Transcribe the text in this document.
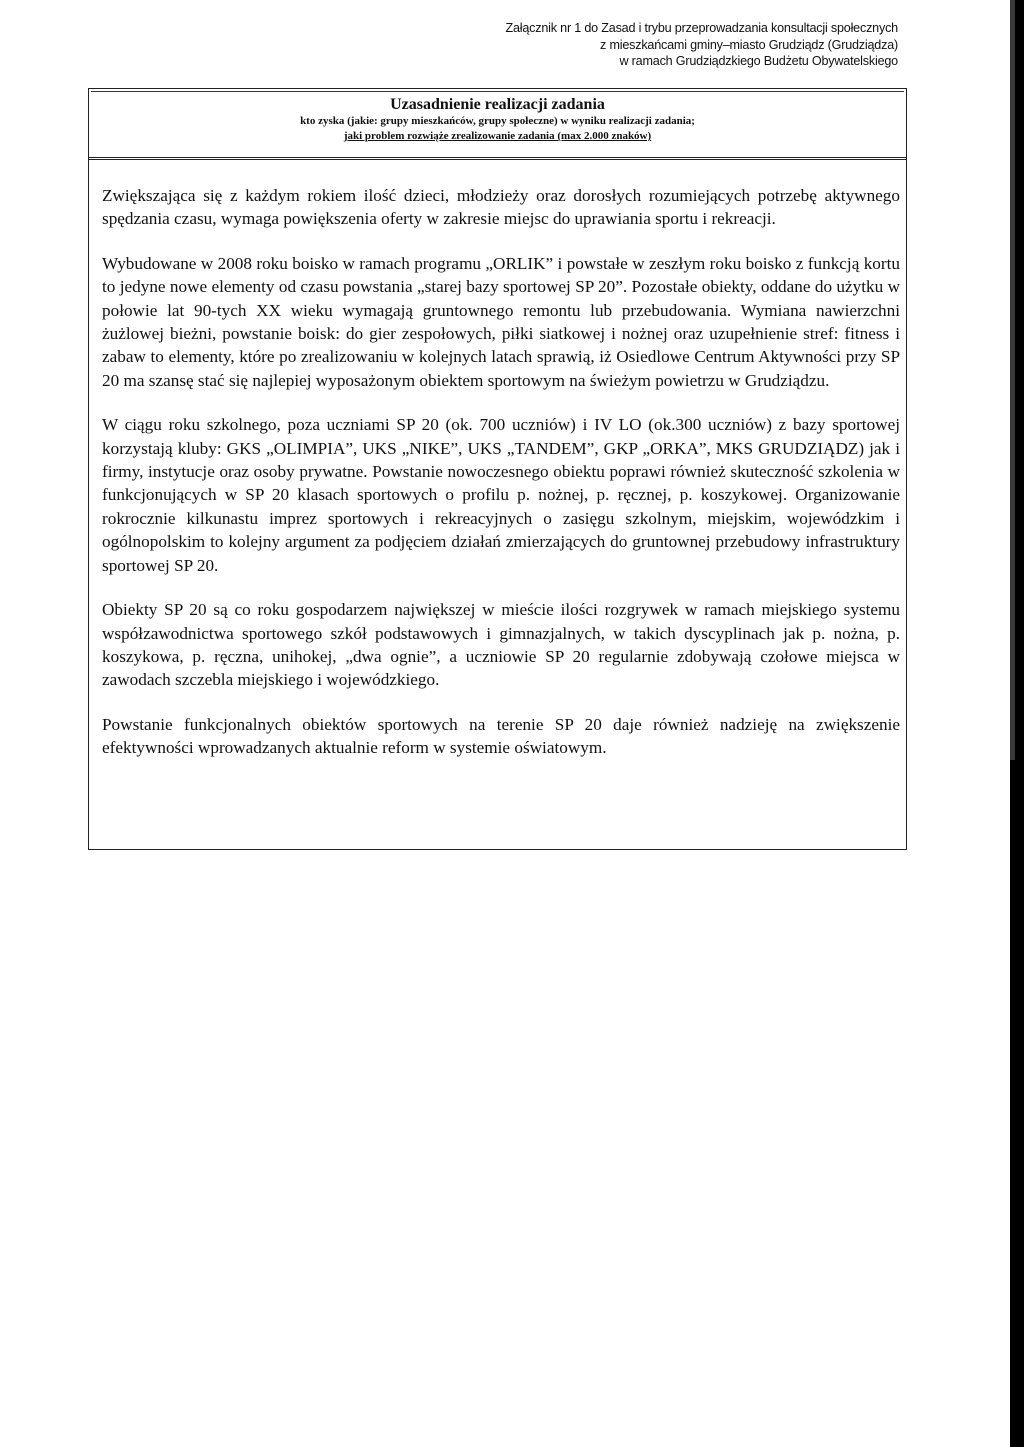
Załącznik nr 1 do Zasad i trybu przeprowadzania konsultacji społecznych
z mieszkańcami gminy–miasto Grudziądz (Grudziądza)
w ramach Grudziądzkiego Budżetu Obywatelskiego
Uzasadnienie realizacji zadania
kto zyska (jakie: grupy mieszkańców, grupy społeczne) w wyniku realizacji zadania;
jaki problem rozwiąże zrealizowanie zadania (max 2.000 znaków)

Zwiększająca się z każdym rokiem ilość dzieci, młodzieży oraz dorosłych rozumiejących potrzebę aktywnego spędzania czasu, wymaga powiększenia oferty w zakresie miejsc do uprawiania sportu i rekreacji.

Wybudowane w 2008 roku boisko w ramach programu „ORLIK” i powstałe w zeszłym roku boisko z funkcją kortu to jedyne nowe elementy od czasu powstania „starej bazy sportowej SP 20”. Pozostałe obiekty, oddane do użytku w połowie lat 90-tych XX wieku wymagają gruntownego remontu lub przebudowania. Wymiana nawierzchni żużlowej bieżni, powstanie boisk: do gier zespołowych, piłki siatkowej i nożnej oraz uzupełnienie stref: fitness i zabaw to elementy, które po zrealizowaniu w kolejnych latach sprawią, iż Osiedlowe Centrum Aktywności przy SP 20 ma szansę stać się najlepiej wyposażonym obiektem sportowym na świeżym powietrzu w Grudziądzu.

W ciągu roku szkolnego, poza uczniami SP 20 (ok. 700 uczniów) i IV LO (ok.300 uczniów) z bazy sportowej korzystają kluby: GKS „OLIMPIA”, UKS „NIKE”, UKS „TANDEM”, GKP „ORKA”, MKS GRUDZIĄDZ) jak i firmy, instytucje oraz osoby prywatne. Powstanie nowoczesnego obiektu poprawi również skuteczność szkolenia w funkcjonujących w SP 20 klasach sportowych o profilu p. nożnej, p. ręcznej, p. koszykowej. Organizowanie rokrocznie kilkunastu imprez sportowych i rekreacyjnych o zasięgu szkolnym, miejskim, wojewódzkim i ogólnopolskim to kolejny argument za podjęciem działań zmierzających do gruntownej przebudowy infrastruktury sportowej SP 20.

Obiekty SP 20 są co roku gospodarzem największej w mieście ilości rozgrywek w ramach miejskiego systemu współzawodnictwa sportowego szkół podstawowych i gimnazjalnych, w takich dyscyplinach jak p. nożna, p. koszykowa, p. ręczna, unihokej, „dwa ognie”, a uczniowie SP 20 regularnie zdobywają czołowe miejsca w zawodach szczebla miejskiego i wojewódzkiego.

Powstanie funkcjonalnych obiektów sportowych na terenie SP 20 daje również nadzieję na zwiększenie efektywności wprowadzanych aktualnie reform w systemie oświatowym.
